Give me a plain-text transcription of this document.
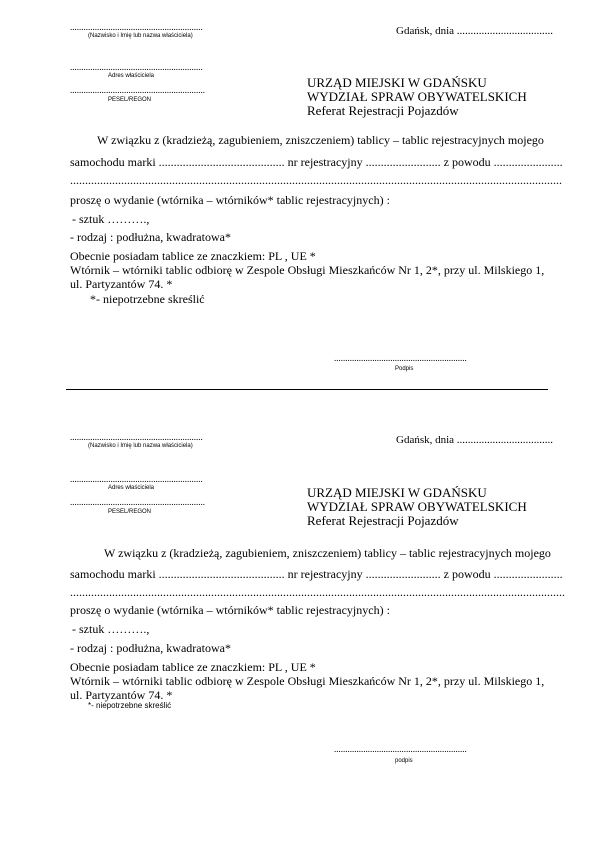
...........................................................
(Nazwisko i Imię lub nazwa właściciela)	Gdańsk, dnia ...................................
...........................................................
Adres właściciela
............................................................
PESEL/REGON
URZĄD MIEJSKI W GDAŃSKU
WYDZIAŁ SPRAW OBYWATELSKICH
Referat Rejestracji Pojazdów
W związku z (kradzieżą, zagubieniem, zniszczeniem) tablicy – tablic rejestracyjnych mojego
samochodu marki .......................................... nr rejestracyjny ......................... z powodu .......................
....................................................................................................................................................................
proszę o wydanie (wtórnika – wtórników* tablic rejestracyjnych) :
- sztuk ……….,
- rodzaj : podłużna, kwadratowa*
Obecnie posiadam tablice ze znaczkiem: PL , UE *
Wtórnik – wtórniki tablic odbiorę w Zespole Obsługi Mieszkańców Nr 1, 2*, przy ul. Milskiego 1,
ul. Partyzantów 74. *
*- niepotrzebne skreślić
...........................................................
Podpis
...........................................................
(Nazwisko i Imię lub nazwa właściciela)	Gdańsk, dnia ...................................
...........................................................
Adres właściciela
............................................................
PESEL/REGON
URZĄD MIEJSKI W GDAŃSKU
WYDZIAŁ SPRAW OBYWATELSKICH
Referat Rejestracji Pojazdów
W związku z (kradzieżą, zagubieniem, zniszczeniem) tablicy – tablic rejestracyjnych mojego
samochodu marki .......................................... nr rejestracyjny ......................... z powodu .......................
.....................................................................................................................................................................
proszę o wydanie (wtórnika – wtórników* tablic rejestracyjnych) :
- sztuk ……….,
- rodzaj : podłużna, kwadratowa*
Obecnie posiadam tablice ze znaczkiem: PL , UE *
Wtórnik – wtórniki tablic odbiorę w Zespole Obsługi Mieszkańców Nr 1, 2*, przy ul. Milskiego 1,
ul. Partyzantów 74. *
*- niepotrzebne skreślić
...........................................................
podpis
